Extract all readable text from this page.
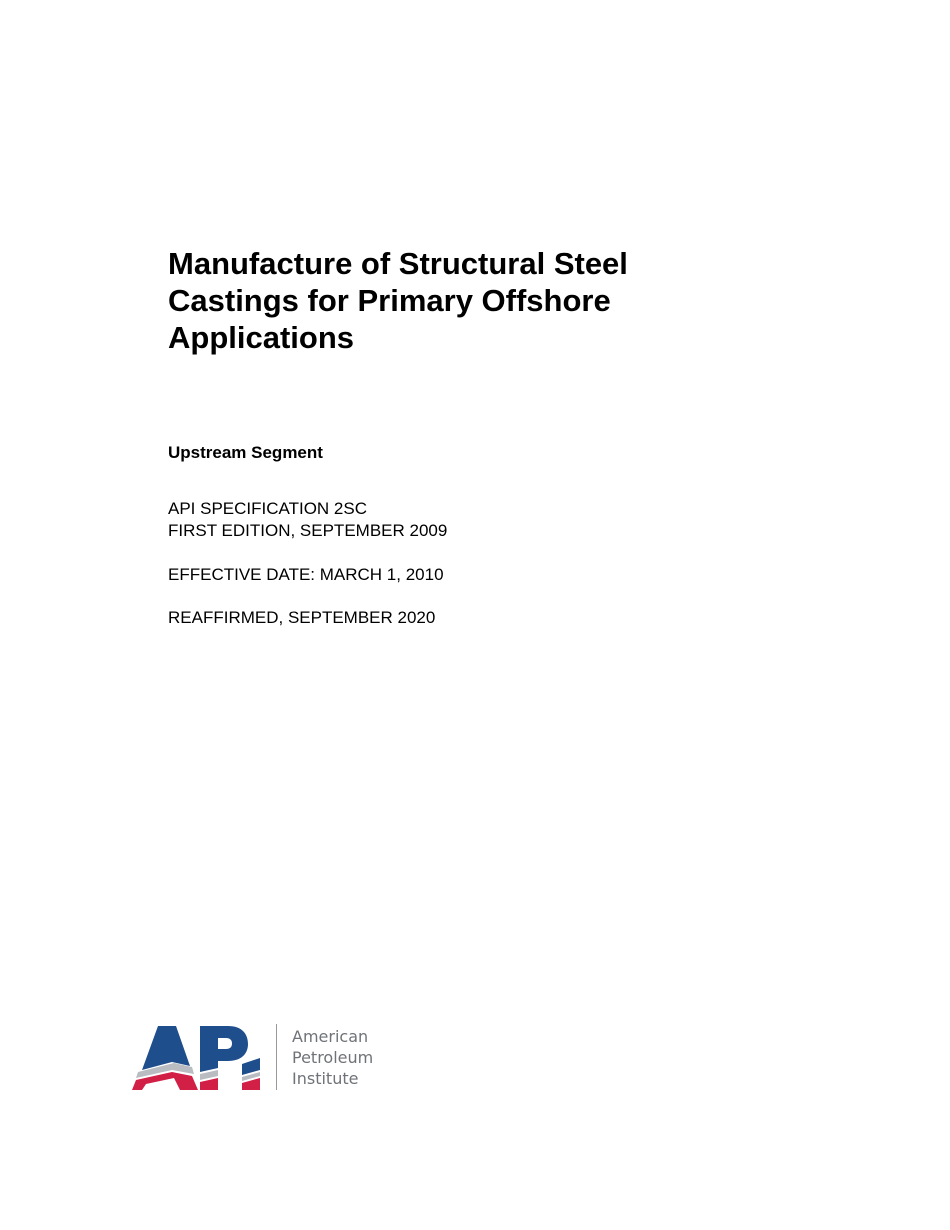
Manufacture of Structural Steel
Castings for Primary Offshore
Applications

Upstream Segment

API SPECIFICATION 2SC
FIRST EDITION, SEPTEMBER 2009

EFFECTIVE DATE: MARCH 1, 2010

REAFFIRMED, SEPTEMBER 2020

American
Petroleum
Institute
